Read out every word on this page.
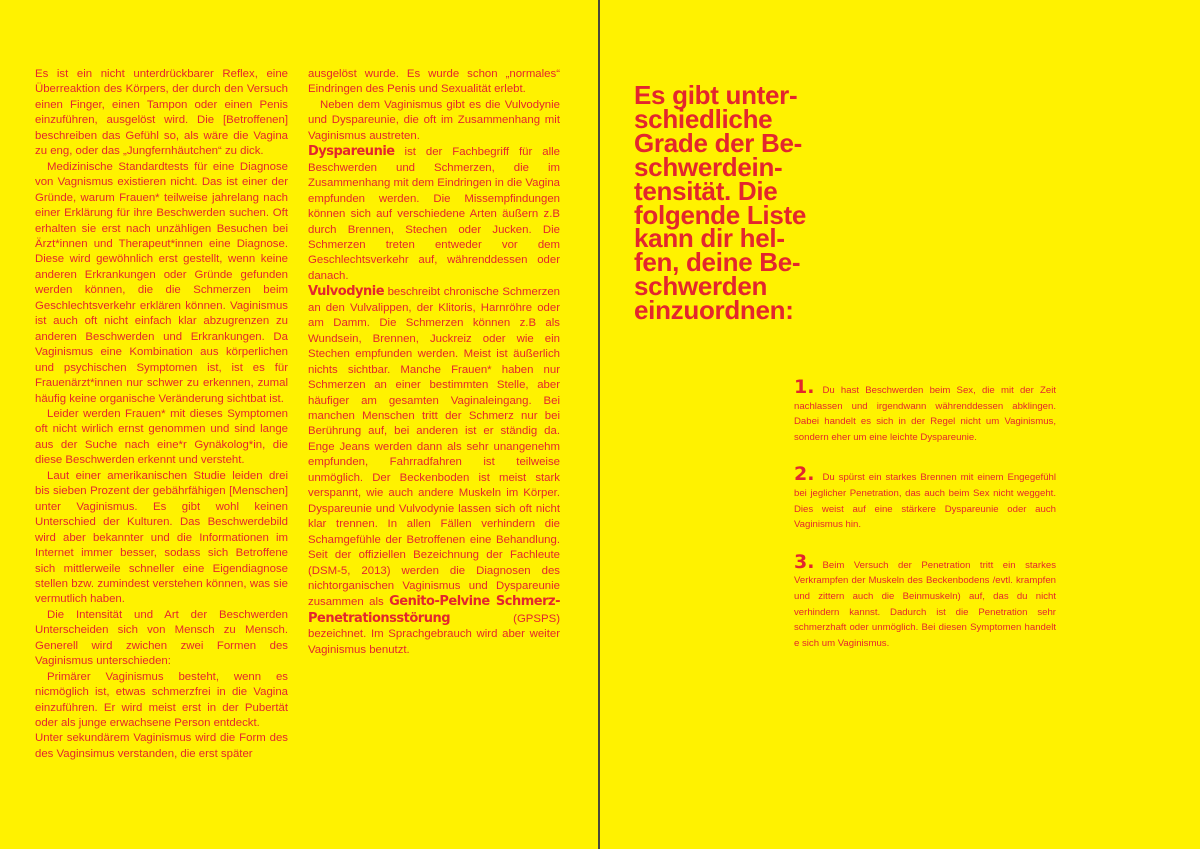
Es ist ein nicht unterdrückbarer Reflex, eine Überreaktion des Körpers, der durch den Versuch einen Finger, einen Tampon oder einen Penis einzuführen, ausgelöst wird. Die [Betroffenen] beschreiben das Gefühl so, als wäre die Vagina zu eng, oder das „Jungfernhäutchen“ zu dick.

Medizinische Standardtests für eine Diagnose von Vagnismus existieren nicht. Das ist einer der Gründe, warum Frauen* teilweise jahrelang nach einer Erklärung für ihre Beschwerden suchen. Oft erhalten sie erst nach unzähligen Besuchen bei Ärzt*innen und Therapeut*innen eine Diagnose. Diese wird gewöhnlich erst gestellt, wenn keine anderen Erkrankungen oder Gründe gefunden werden können, die die Schmerzen beim Geschlechtsverkehr erklären können. Vaginismus ist auch oft nicht einfach klar abzugrenzen zu anderen Beschwerden und Erkrankungen. Da Vaginismus eine Kombination aus körperlichen und psychischen Symptomen ist, ist es für Frauenärzt*innen nur schwer zu erkennen, zumal häufig keine organische Veränderung sichtbat ist.

Leider werden Frauen* mit dieses Symptomen oft nicht wirlich ernst genommen und sind lange aus der Suche nach eine*r Gynäkolog*in, die diese Beschwerden erkennt und versteht.

Laut einer amerikanischen Studie leiden drei bis sieben Prozent der gebährfähigen [Menschen] unter Vaginismus. Es gibt wohl keinen Unterschied der Kulturen. Das Beschwerdebild wird aber bekannter und die Informationen im Internet immer besser, sodass sich Betroffene sich mittlerweile schneller eine Eigendiagnose stellen bzw. zumindest verstehen können, was sie vermutlich haben.

Die Intensität und Art der Beschwerden Unterscheiden sich von Mensch zu Mensch. Generell wird zwichen zwei Formen des Vaginismus unterschieden:

Primärer Vaginismus besteht, wenn es nicmöglich ist, etwas schmerzfrei in die Vagina einzuführen. Er wird meist erst in der Pubertät oder als junge erwachsene Person entdeckt.

Unter sekundärem Vaginismus wird die Form des des Vaginsimus verstanden, die erst später

ausgelöst wurde. Es wurde schon „normales“ Eindringen des Penis und Sexualität erlebt.

Neben dem Vaginismus gibt es die Vulvodynie und Dyspareunie, die oft im Zusammenhang mit Vaginismus austreten.

Dyspareunie ist der Fachbegriff für alle Beschwerden und Schmerzen, die im Zusammenhang mit dem Eindringen in die Vagina empfunden werden. Die Missempfindungen können sich auf verschiedene Arten äußern z.B durch Brennen, Stechen oder Jucken. Die Schmerzen treten entweder vor dem Geschlechtsverkehr auf, währenddessen oder danach.

Vulvodynie beschreibt chronische Schmerzen an den Vulvalippen, der Klitoris, Harnröhre oder am Damm. Die Schmerzen können z.B als Wundsein, Brennen, Juckreiz oder wie ein Stechen empfunden werden. Meist ist äußerlich nichts sichtbar. Manche Frauen* haben nur Schmerzen an einer bestimmten Stelle, aber häufiger am gesamten Vaginaleingang. Bei manchen Menschen tritt der Schmerz nur bei Berührung auf, bei anderen ist er ständig da. Enge Jeans werden dann als sehr unangenehm empfunden, Fahrradfahren ist teilweise unmöglich. Der Beckenboden ist meist stark verspannt, wie auch andere Muskeln im Körper. Dyspareunie und Vulvodynie lassen sich oft nicht klar trennen. In allen Fällen verhindern die Schamgefühle der Betroffenen eine Behandlung. Seit der offiziellen Bezeichnung der Fachleute (DSM-5, 2013) werden die Diagnosen des nichtorganischen Vaginismus und Dyspareunie zusammen als Genito-Pelvine Schmerz-Penetrationsstörung (GPSPS) bezeichnet. Im Sprachgebrauch wird aber weiter Vaginismus benutzt.

Es gibt unter-
schiedliche
Grade der Be-
schwerdein-
tensität. Die
folgende Liste
kann dir hel-
fen, deine Be-
schwerden
einzuordnen:
1. Du hast Beschwerden beim Sex, die mit der Zeit nachlassen und irgendwann währenddessen abklingen. Dabei handelt es sich in der Regel nicht um Vaginismus, sondern eher um eine leichte Dyspareunie.
2. Du spürst ein starkes Brennen mit einem Engegefühl bei jeglicher Penetration, das auch beim Sex nicht weggeht. Dies weist auf eine stärkere Dyspareunie oder auch Vaginismus hin.
3. Beim Versuch der Penetration tritt ein starkes Verkrampfen der Muskeln des Beckenbodens /evtl. krampfen und zittern auch die Beinmuskeln) auf, das du nicht verhindern kannst. Dadurch ist die Penetration sehr schmerzhaft oder unmöglich. Bei diesen Symptomen handelt e sich um Vaginismus.
